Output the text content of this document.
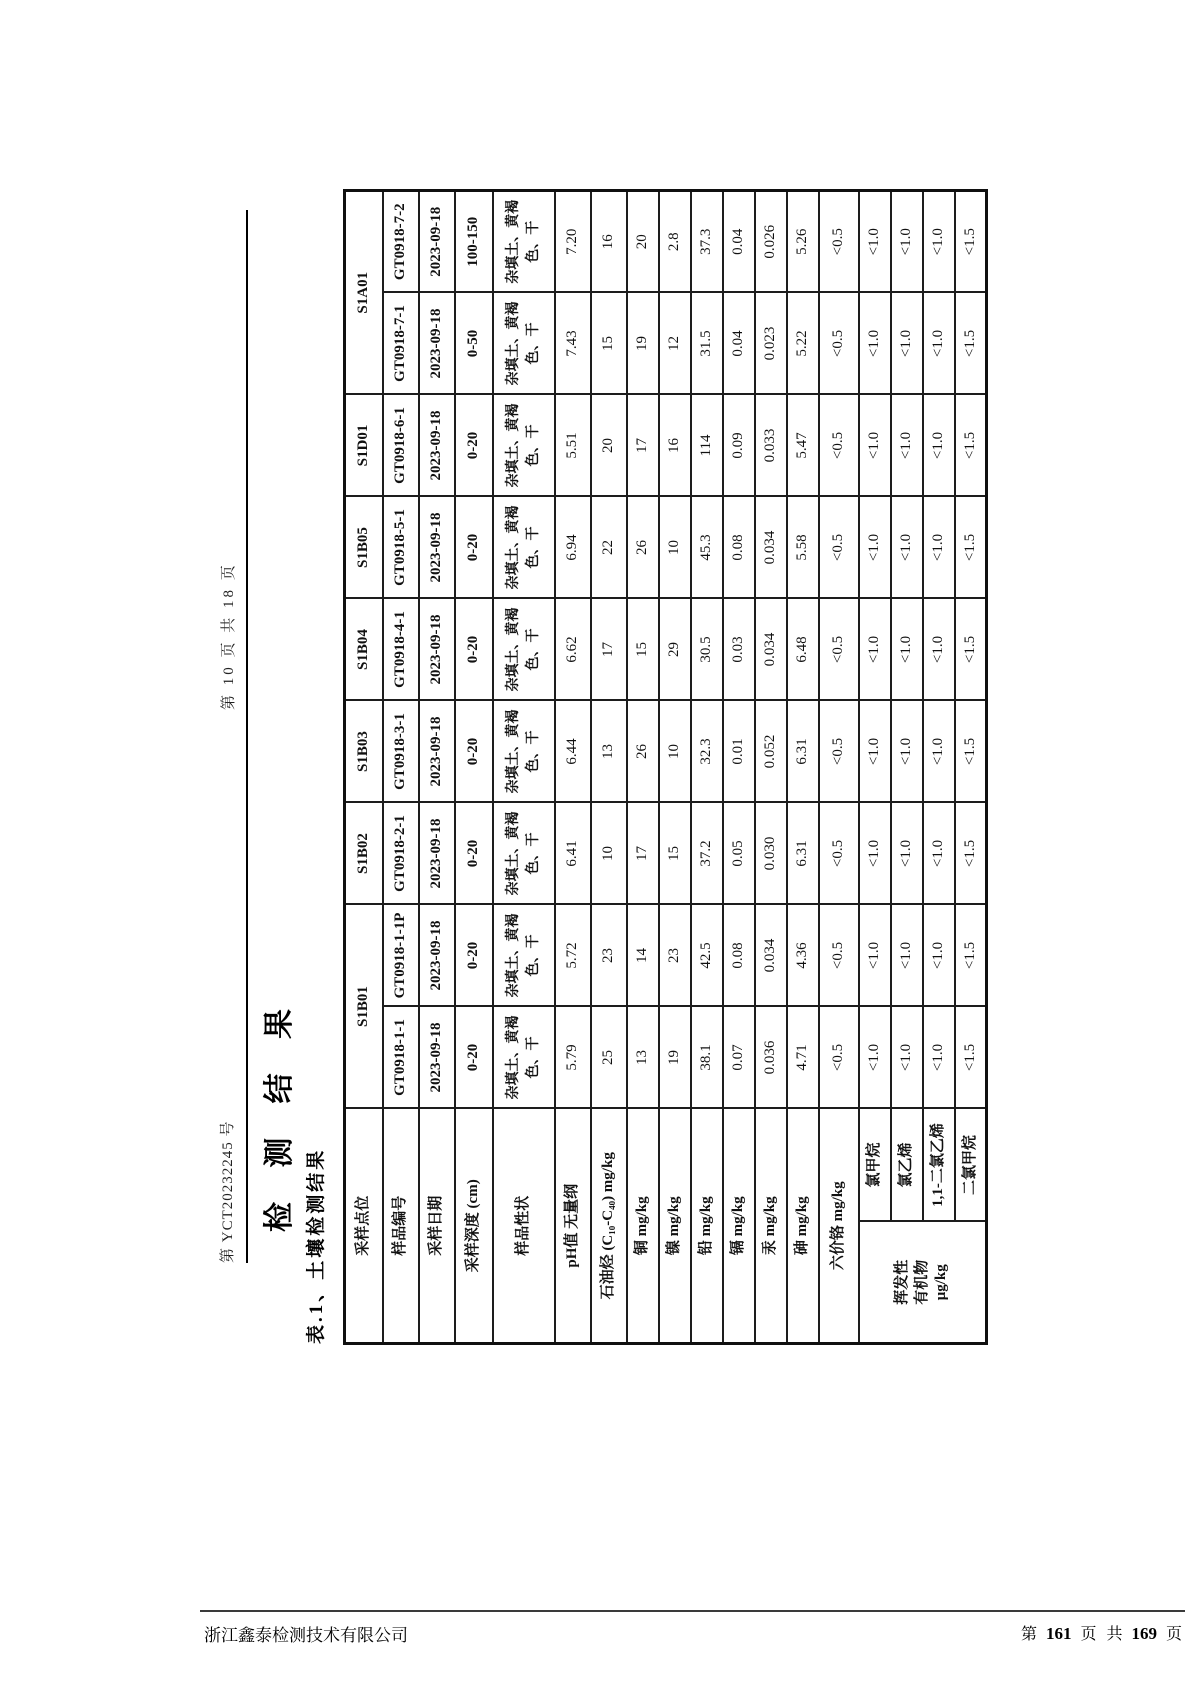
第 YCT20232245 号
第 10 页 共 18 页
检 测 结 果
表.1、土壤检测结果 采样点位		S1B01		S1B02	S1B03	S1B04	S1B05	S1D01	S1A01	
样品编号		GT0918-1-1	GT0918-1-1P	GT0918-2-1	GT0918-3-1	GT0918-4-1	GT0918-5-1	GT0918-6-1	GT0918-7-1	GT0918-7-2
采样日期		2023-09-18	2023-09-18	2023-09-18	2023-09-18	2023-09-18	2023-09-18	2023-09-18	2023-09-18	2023-09-18
采样深度 (cm)		0-20	0-20	0-20	0-20	0-20	0-20	0-20	0-50	100-150
样品性状		杂填土、黄褐色、干	杂填土、黄褐色、干	杂填土、黄褐色、干	杂填土、黄褐色、干	杂填土、黄褐色、干	杂填土、黄褐色、干	杂填土、黄褐色、干	杂填土、黄褐色、干	杂填土、黄褐色、干
pH值 无量纲		5.79	5.72	6.41	6.44	6.62	6.94	5.51	7.43	7.20
石油烃 (C₁₀-C₄₀) mg/kg		25	23	10	13	17	22	20	15	16
铜 mg/kg		13	14	17	26	15	26	17	19	20
镍 mg/kg		19	23	15	10	29	10	16	12	2.8
铅 mg/kg		38.1	42.5	37.2	32.3	30.5	45.3	114	31.5	37.3
镉 mg/kg		0.07	0.08	0.05	0.01	0.03	0.08	0.09	0.04	0.04
汞 mg/kg		0.036	0.034	0.030	0.052	0.034	0.034	0.033	0.023	0.026
砷 mg/kg		4.71	4.36	6.31	6.31	6.48	5.58	5.47	5.22	5.26
六价铬 mg/kg		<0.5	<0.5	<0.5	<0.5	<0.5	<0.5	<0.5	<0.5	<0.5

挥发性有机物 μg/kg	氯甲烷	<1.0	<1.0	<1.0	<1.0	<1.0	<1.0	<1.0	<1.0	<1.0
	氯乙烯	<1.0	<1.0	<1.0	<1.0	<1.0	<1.0	<1.0	<1.0	<1.0
	1,1-二氯乙烯	<1.0	<1.0	<1.0	<1.0	<1.0	<1.0	<1.0	<1.0	<1.0
	二氯甲烷	<1.5	<1.5	<1.5	<1.5	<1.5	<1.5	<1.5	<1.5	<1.5
浙江鑫泰检测技术有限公司	第 161 页 共 169 页
